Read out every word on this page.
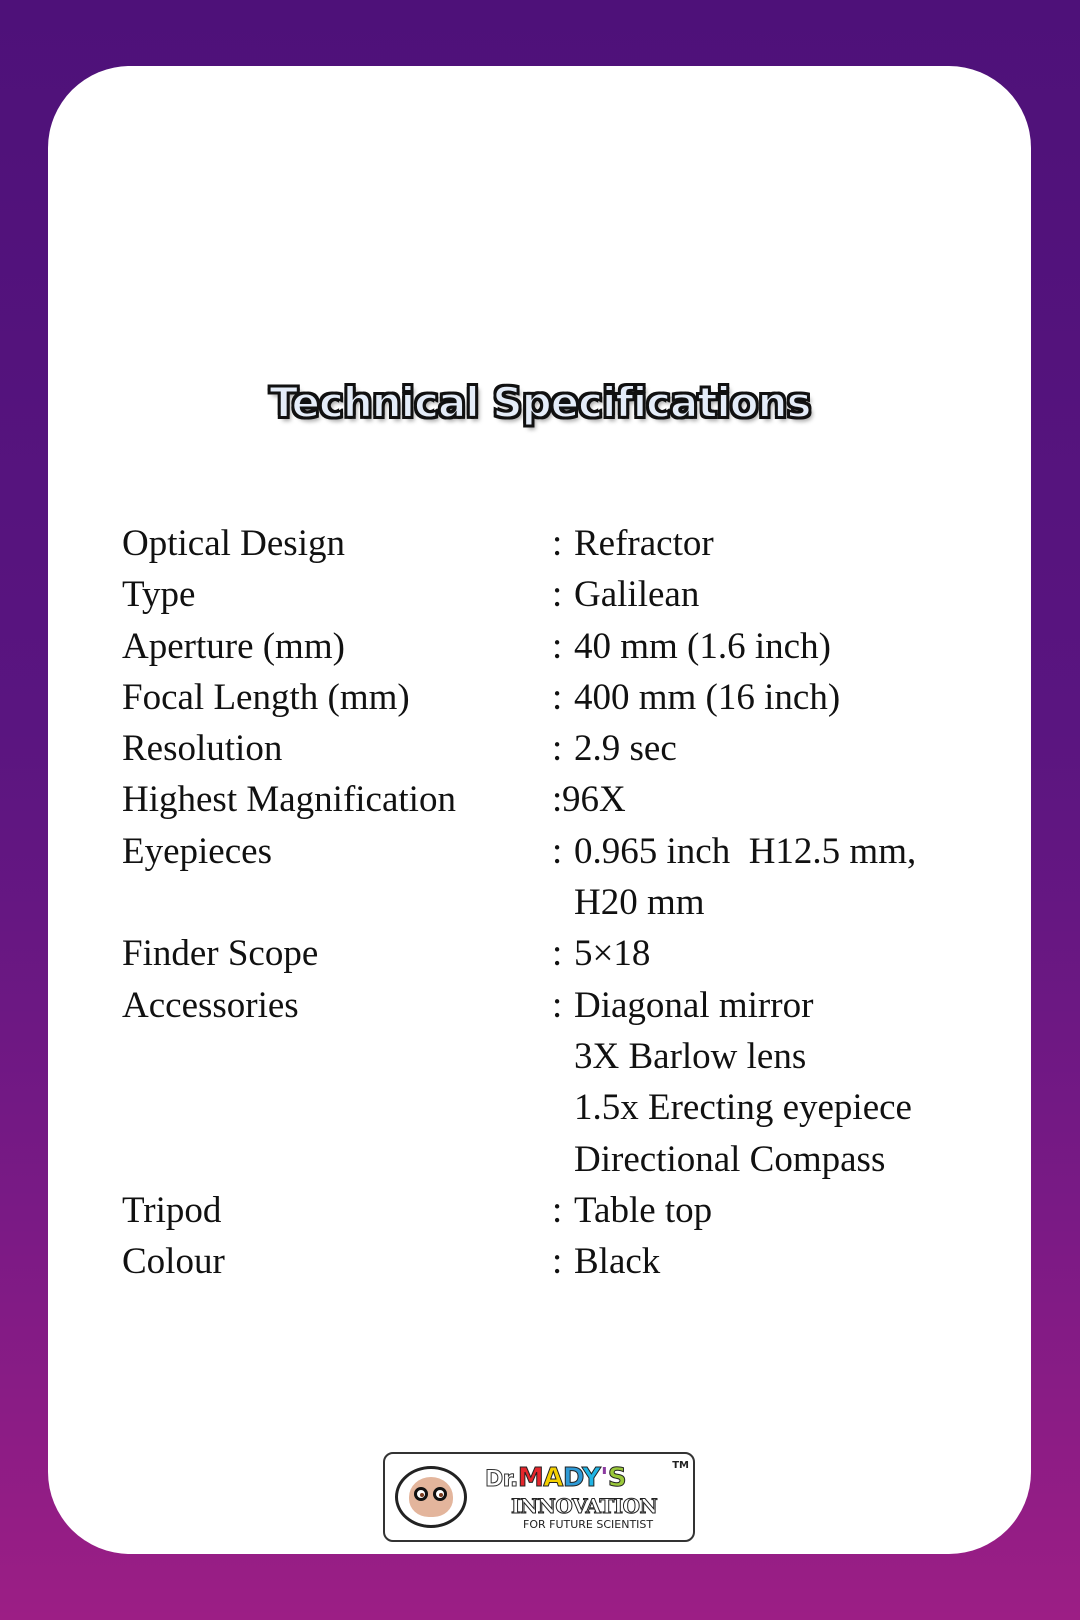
Technical Specifications
Optical Design	: Refractor
Type	: Galilean
Aperture (mm)	: 40 mm (1.6 inch)
Focal Length (mm)	: 400 mm (16 inch)
Resolution	: 2.9 sec
Highest Magnification	: 96X
Eyepieces	: 0.965 inch  H12.5 mm,
H20 mm
Finder Scope	: 5×18
Accessories	: Diagonal mirror
3X Barlow lens
1.5x Erecting eyepiece
Directional Compass
Tripod	: Table top
Colour	: Black
Dr.MADY'S	TM
INNOVATION
FOR FUTURE SCIENTIST
